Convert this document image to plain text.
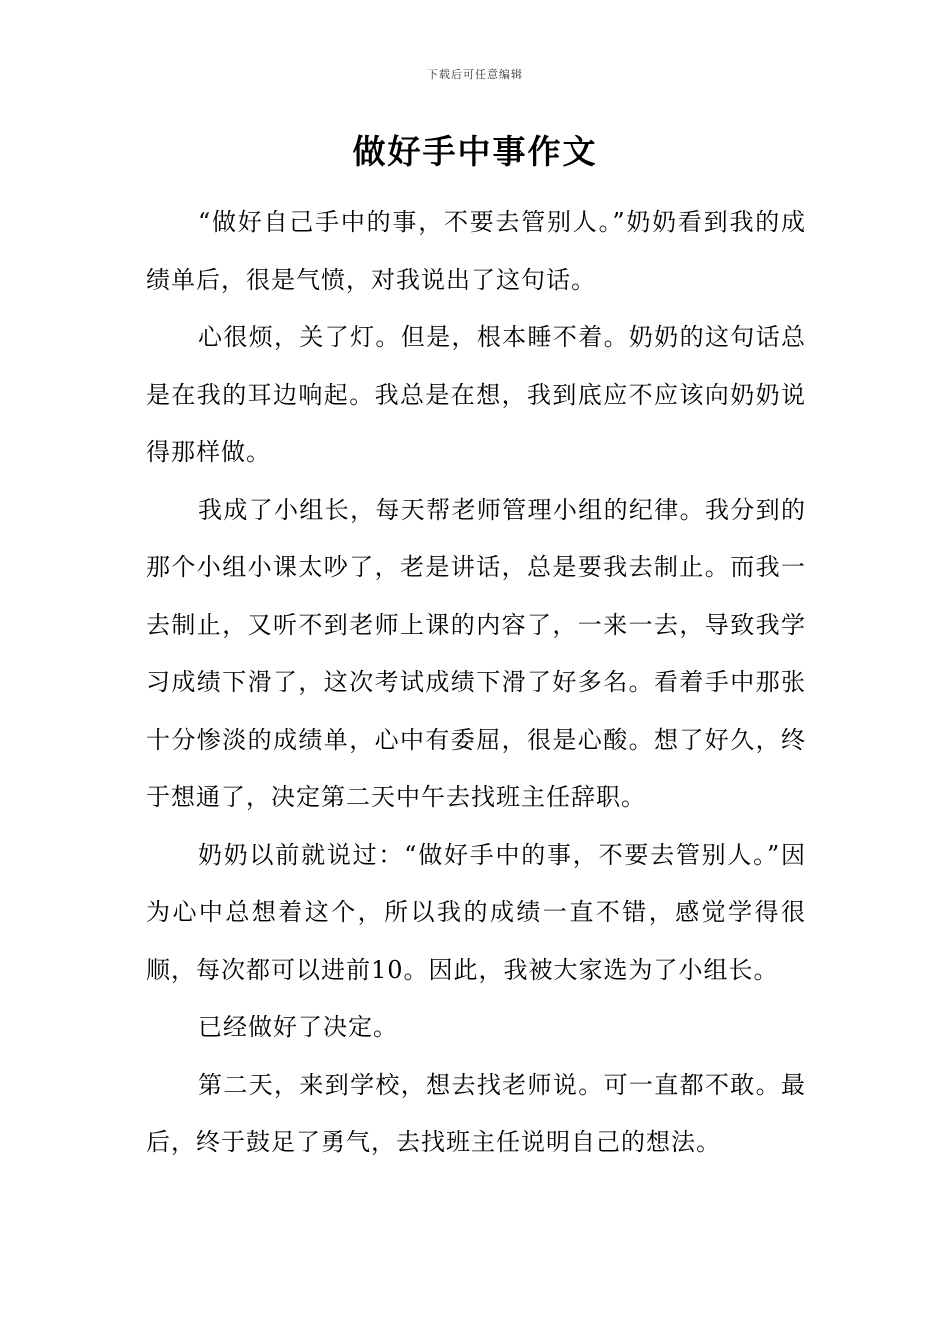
下载后可任意编辑
做好手中事作文

“做好自己手中的事，不要去管别人。”奶奶看到我的成绩单后，很是气愤，对我说出了这句话。

心很烦，关了灯。但是，根本睡不着。奶奶的这句话总是在我的耳边响起。我总是在想，我到底应不应该向奶奶说得那样做。

我成了小组长，每天帮老师管理小组的纪律。我分到的那个小组小课太吵了，老是讲话，总是要我去制止。而我一去制止，又听不到老师上课的内容了，一来一去，导致我学习成绩下滑了，这次考试成绩下滑了好多名。看着手中那张十分惨淡的成绩单，心中有委屈，很是心酸。想了好久，终于想通了，决定第二天中午去找班主任辞职。

奶奶以前就说过：“做好手中的事，不要去管别人。”因为心中总想着这个，所以我的成绩一直不错，感觉学得很顺，每次都可以进前10。因此，我被大家选为了小组长。

已经做好了决定。

第二天，来到学校，想去找老师说。可一直都不敢。最后，终于鼓足了勇气，去找班主任说明自己的想法。
